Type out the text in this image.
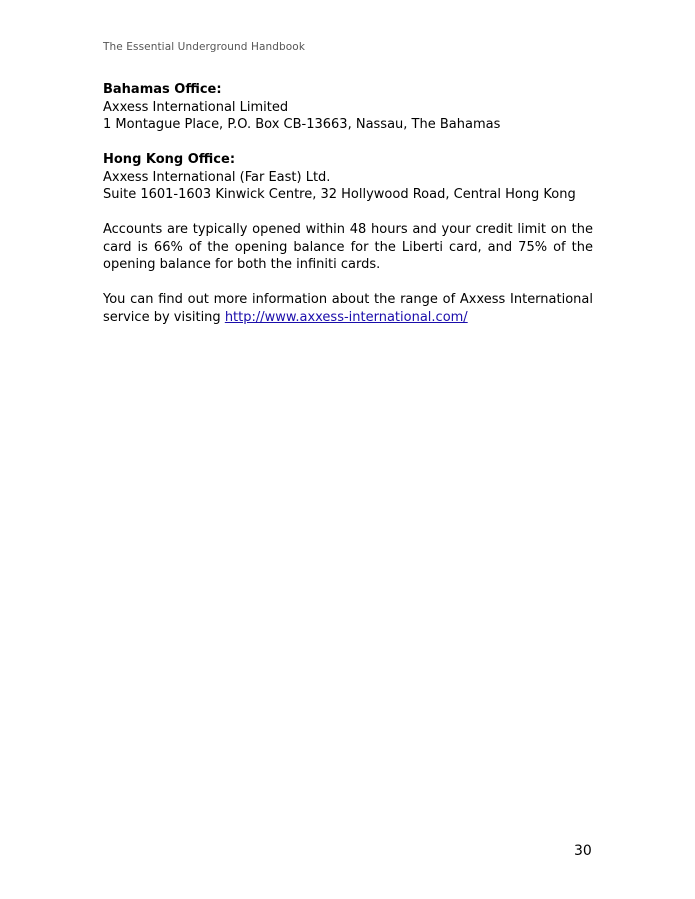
The Essential Underground Handbook
Bahamas Office:
Axxess International Limited
1 Montague Place, P.O. Box CB-13663, Nassau, The Bahamas
Hong Kong Office:
Axxess International (Far East) Ltd.
Suite 1601-1603 Kinwick Centre, 32 Hollywood Road, Central Hong Kong

Accounts are typically opened within 48 hours and your credit limit on the card is 66% of the opening balance for the Liberti card, and 75% of the opening balance for both the infiniti cards.

You can find out more information about the range of Axxess International service by visiting http://www.axxess-international.com/

30
